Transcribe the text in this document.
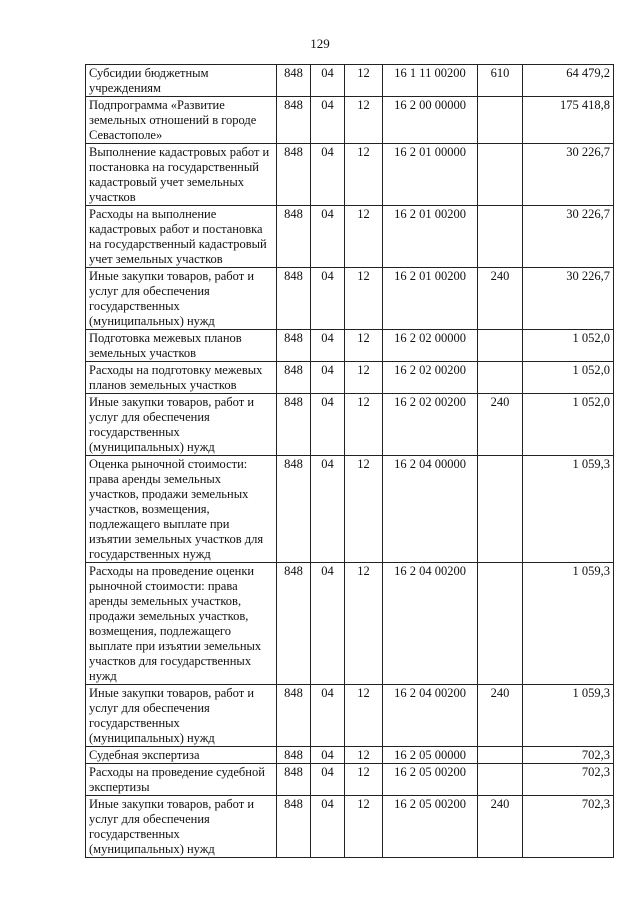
129
Субсидии бюджетным учреждениям	848	04	12	16 1 11 00200	610	64 479,2
Подпрограмма «Развитие земельных отношений в городе Севастополе»	848	04	12	16 2 00 00000		175 418,8
Выполнение кадастровых работ и постановка на государственный кадастровый учет земельных участков	848	04	12	16 2 01 00000		30 226,7
Расходы на выполнение кадастровых работ и постановка на государственный кадастровый учет земельных участков	848	04	12	16 2 01 00200		30 226,7
Иные закупки товаров, работ и услуг для обеспечения государственных (муниципальных) нужд	848	04	12	16 2 01 00200	240	30 226,7
Подготовка межевых планов земельных участков	848	04	12	16 2 02 00000		1 052,0
Расходы на подготовку межевых планов земельных участков	848	04	12	16 2 02 00200		1 052,0
Иные закупки товаров, работ и услуг для обеспечения государственных (муниципальных) нужд	848	04	12	16 2 02 00200	240	1 052,0
Оценка рыночной стоимости: права аренды земельных участков, продажи земельных участков, возмещения, подлежащего выплате при изъятии земельных участков для государственных нужд	848	04	12	16 2 04 00000		1 059,3
Расходы на проведение оценки рыночной стоимости: права аренды земельных участков, продажи земельных участков, возмещения, подлежащего выплате при изъятии земельных участков для государственных нужд	848	04	12	16 2 04 00200		1 059,3
Иные закупки товаров, работ и услуг для обеспечения государственных (муниципальных) нужд	848	04	12	16 2 04 00200	240	1 059,3
Судебная экспертиза	848	04	12	16 2 05 00000		702,3
Расходы на проведение судебной экспертизы	848	04	12	16 2 05 00200		702,3
Иные закупки товаров, работ и услуг для обеспечения государственных (муниципальных) нужд	848	04	12	16 2 05 00200	240	702,3
